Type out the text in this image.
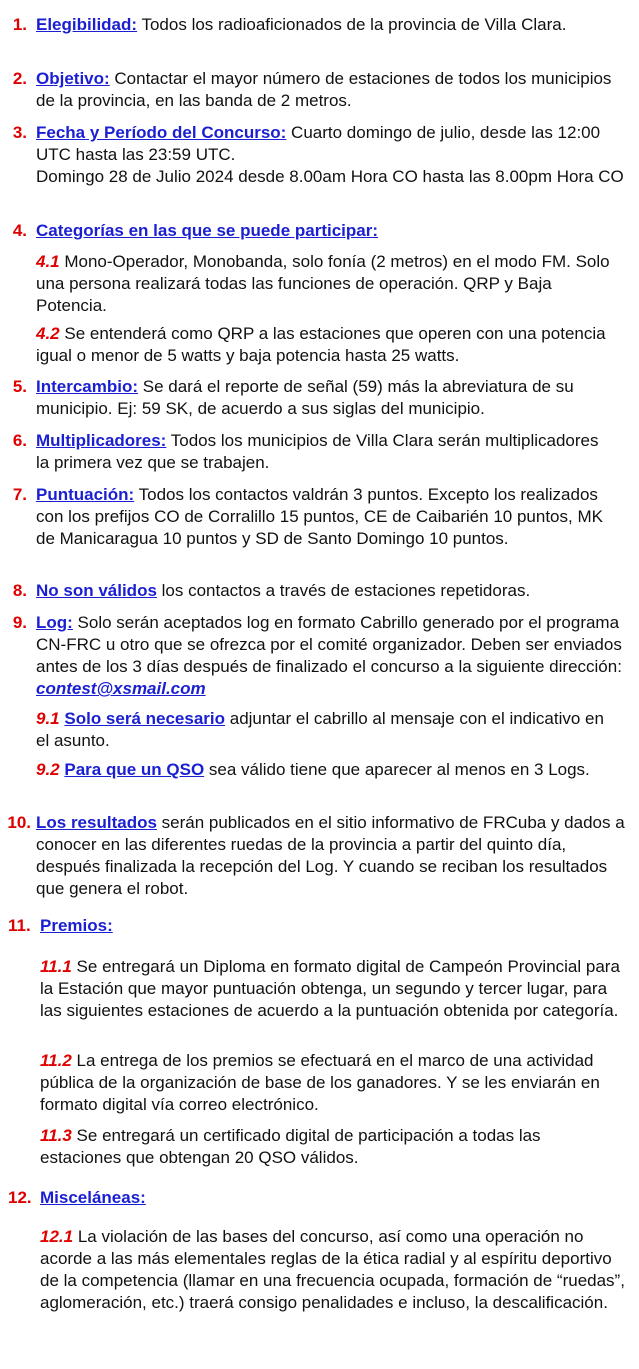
1. Elegibilidad: Todos los radioaficionados de la provincia de Villa Clara.
2. Objetivo: Contactar el mayor número de estaciones de todos los municipios de la provincia, en las banda de 2 metros.
3. Fecha y Período del Concurso: Cuarto domingo de julio, desde las 12:00 UTC hasta las 23:59 UTC.

Domingo 28 de Julio 2024 desde 8.00am Hora CO hasta las 8.00pm Hora CO

4. Categorías en las que se puede participar:
4.1 Mono-Operador, Monobanda, solo fonía (2 metros) en el modo FM. Solo una persona realizará todas las funciones de operación. QRP y Baja Potencia.
4.2 Se entenderá como QRP a las estaciones que operen con una potencia igual o menor de 5 watts y baja potencia hasta 25 watts.
5. Intercambio: Se dará el reporte de señal (59) más la abreviatura de su municipio. Ej: 59 SK, de acuerdo a sus siglas del municipio.
6. Multiplicadores: Todos los municipios de Villa Clara serán multiplicadores la primera vez que se trabajen.
7. Puntuación: Todos los contactos valdrán 3 puntos. Excepto los realizados con los prefijos CO de Corralillo 15 puntos, CE de Caibarién 10 puntos, MK de Manicaragua 10 puntos y SD de Santo Domingo 10 puntos.
8. No son válidos los contactos a través de estaciones repetidoras.
9. Log: Solo serán aceptados log en formato Cabrillo generado por el programa CN-FRC u otro que se ofrezca por el comité organizador. Deben ser enviados antes de los 3 días después de finalizado el concurso a la siguiente dirección: contest@xsmail.com
9.1 Solo será necesario adjuntar el cabrillo al mensaje con el indicativo en el asunto.
9.2 Para que un QSO sea válido tiene que aparecer al menos en 3 Logs.
10. Los resultados serán publicados en el sitio informativo de FRCuba y dados a conocer en las diferentes ruedas de la provincia a partir del quinto día, después finalizada la recepción del Log. Y cuando se reciban los resultados que genera el robot.
11. Premios:
11.1 Se entregará un Diploma en formato digital de Campeón Provincial para la Estación que mayor puntuación obtenga, un segundo y tercer lugar, para las siguientes estaciones de acuerdo a la puntuación obtenida por categoría.
11.2 La entrega de los premios se efectuará en el marco de una actividad pública de la organización de base de los ganadores. Y se les enviarán en formato digital vía correo electrónico.
11.3 Se entregará un certificado digital de participación a todas las estaciones que obtengan 20 QSO válidos.
12. Misceláneas:
12.1 La violación de las bases del concurso, así como una operación no acorde a las más elementales reglas de la ética radial y al espíritu deportivo de la competencia (llamar en una frecuencia ocupada, formación de “ruedas”, aglomeración, etc.) traerá consigo penalidades e incluso, la descalificación.
